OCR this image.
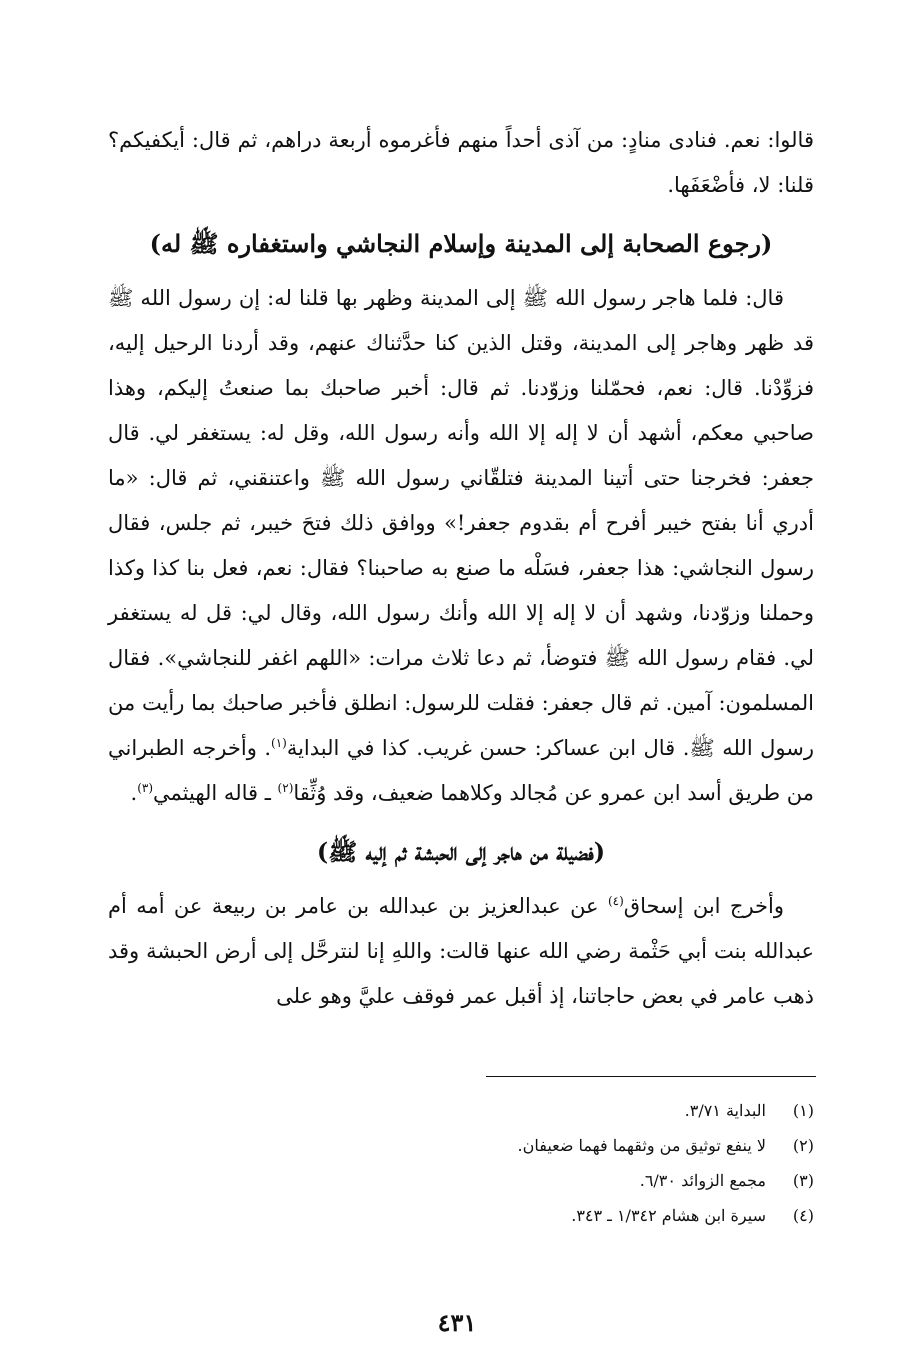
قالوا: نعم. فنادى منادٍ: من آذى أحداً منهم فأغرموه أربعة دراهم، ثم قال: أيكفيكم؟ قلنا: لا، فأضْعَفَها.

(رجوع الصحابة إلى المدينة وإسلام النجاشي واستغفاره ﷺ له)

قال: فلما هاجر رسول الله ﷺ إلى المدينة وظهر بها قلنا له: إن رسول الله ﷺ قد ظهر وهاجر إلى المدينة، وقتل الذين كنا حدَّثناك عنهم، وقد أردنا الرحيل إليه، فزوِّدْنا. قال: نعم، فحمّلنا وزوّدنا. ثم قال: أخبر صاحبك بما صنعتُ إليكم، وهذا صاحبي معكم، أشهد أن لا إله إلا الله وأنه رسول الله، وقل له: يستغفر لي. قال جعفر: فخرجنا حتى أتينا المدينة فتلقّاني رسول الله ﷺ واعتنقني، ثم قال: «ما أدري أنا بفتح خيبر أفرح أم بقدوم جعفر!» ووافق ذلك فتحَ خيبر، ثم جلس، فقال رسول النجاشي: هذا جعفر، فسَلْه ما صنع به صاحبنا؟ فقال: نعم، فعل بنا كذا وكذا وحملنا وزوّدنا، وشهد أن لا إله إلا الله وأنك رسول الله، وقال لي: قل له يستغفر لي. فقام رسول الله ﷺ فتوضأ، ثم دعا ثلاث مرات: «اللهم اغفر للنجاشي». فقال المسلمون: آمين. ثم قال جعفر: فقلت للرسول: انطلق فأخبر صاحبك بما رأيت من رسول الله ﷺ. قال ابن عساكر: حسن غريب. كذا في البداية$^{(١)}$. وأخرجه الطبراني من طريق أسد ابن عمرو عن مُجالد وكلاهما ضعيف، وقد وُثِّقا$^{(٢)}$ ـ قاله الهيثمي$^{(٣)}$.

(فضيلة من هاجر إلى الحبشة ثم إليه ﷺ)

وأخرج ابن إسحاق$^{(٤)}$ عن عبدالعزيز بن عبدالله بن عامر بن ربيعة عن أمه أم عبدالله بنت أبي حَثْمة رضي الله عنها قالت: واللهِ إنا لنترحَّل إلى أرض الحبشة وقد ذهب عامر في بعض حاجاتنا، إذ أقبل عمر فوقف عليَّ وهو على

(١)
البداية ٣/٧١.
(٢)
لا ينفع توثيق من وثقهما فهما ضعيفان.
(٣)
مجمع الزوائد ٦/٣٠.
(٤)
سيرة ابن هشام ١/٣٤٢ ـ ٣٤٣.
٤٣١
